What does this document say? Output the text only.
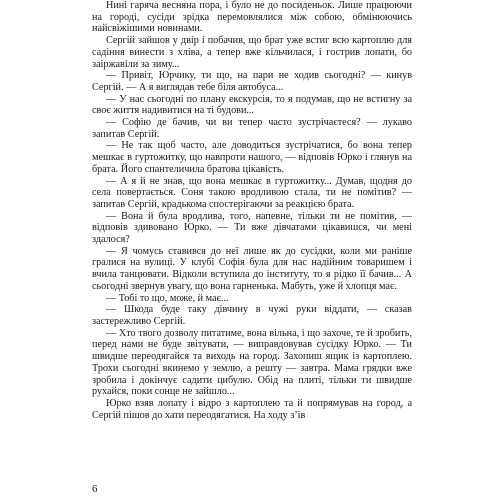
Нині гаряча весняна пора, і було не до посиденьок. Лише працюючи на городі, сусіди зрідка перемовлялися між собою, обмінюючись найсвіжішими новинами.

Сергій зайшов у двір і побачив, що брат уже встиг всю картоплю для садіння винести з хліва, а тепер вже кільчилася, і гострив лопати, бо заіржавіли за зиму...

— Привіт, Юрчику, ти що, на пари не ходив сьогодні? — кинув Сергій. — А я виглядав тебе біля автобуса...

— У нас сьогодні по плану екскурсія, то я подумав, що не встигну за своє життя надивитися на ті будови...

— Софію де бачив, чи ви тепер часто зустрічаєтеся? — лукаво запитав Сергій.

— Не так щоб часто, але доводиться зустрічатися, бо вона тепер мешкає в гуртожитку, що навпроти нашого, — відповів Юрко і глянув на брата. Його спантеличила братова цікавість.

— А я й не знав, що вона мешкає в гуртожитку... Думав, щодня до села повертається. Соня такою вродливою стала, ти не помітив? — запитав Сергій, крадькома спостерігаючи за реакцією брата.

— Вона й була вродлива, того, напевне, тільки ти не помітив, — відповів здивовано Юрко. — Ти вже дівчатами цікавишся, чи мені здалося?

— Я чомусь ставився до неї лише як до сусідки, коли ми раніше гралися на вулиці. У клубі Софія була для нас надійним товаришем і вчила танцювати. Відколи вступила до інституту, то я рідко її бачив... А сьогодні звернув увагу, що вона гарненька. Мабуть, уже й хлопця має.

— Тобі то що, може, й має...

— Шкода буде таку дівчину в чужі руки віддати, — сказав застережливо Сергій.

— Хто твого дозволу питатиме, вона вільна, і що захоче, те й зробить, перед нами не буде звітувати, — виправдовував сусідку Юрко. — Ти швидше переодягайся та виходь на город. Захопиш ящик із картоплею. Трохи сьогодні вкинемо у землю, а решту — завтра. Мама грядки вже зробила і докінчує садити цибулю. Обід на плиті, тільки ти швидше рухайся, поки сонце не зайшло...

Юрко взяв лопату і відро з картоплею та й попрямував на город, а Сергій пішов до хати переодягатися. На ходу з’їв

6
